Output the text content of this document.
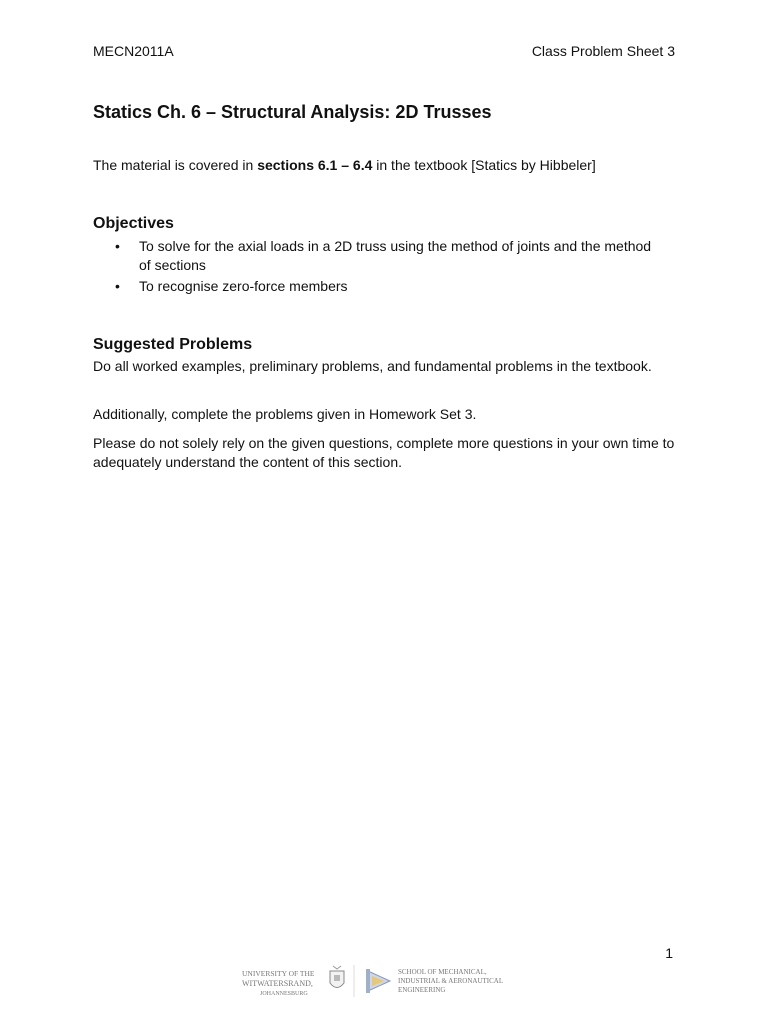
MECN2011A	Class Problem Sheet 3
Statics Ch. 6 – Structural Analysis: 2D Trusses

The material is covered in sections 6.1 – 6.4 in the textbook [Statics by Hibbeler]

Objectives
• To solve for the axial loads in a 2D truss using the method of joints and the method of sections
• To recognise zero-force members
Suggested Problems

Do all worked examples, preliminary problems, and fundamental problems in the textbook.

Additionally, complete the problems given in Homework Set 3.

Please do not solely rely on the given questions, complete more questions in your own time to adequately understand the content of this section.

1
UNIVERSITY OF THE
WITWATERSRAND,
JOHANNESBURG
SCHOOL OF MECHANICAL,
INDUSTRIAL & AERONAUTICAL
ENGINEERING
